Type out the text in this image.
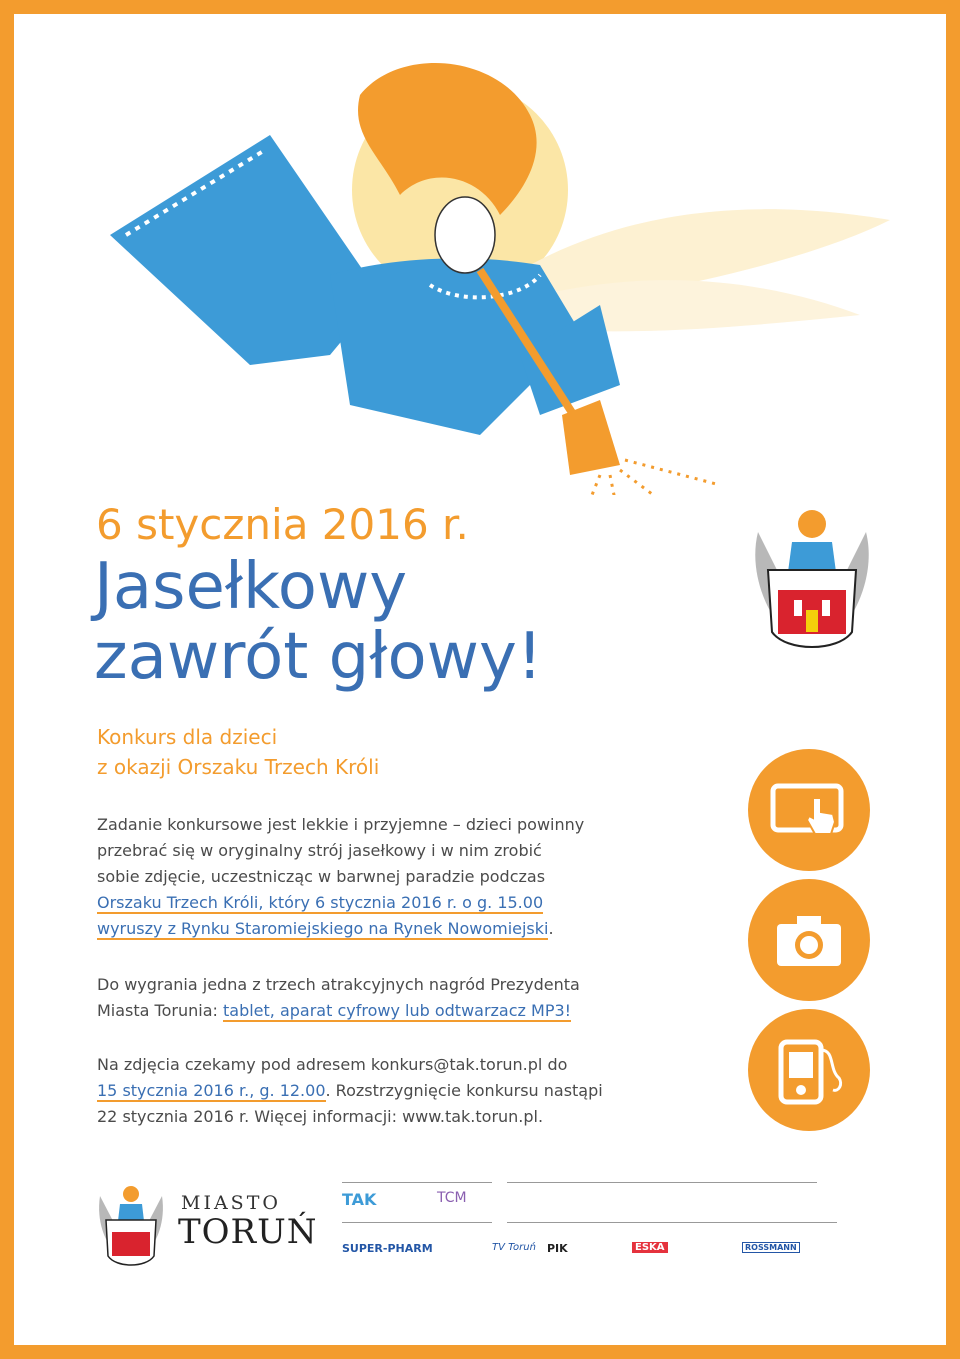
6 stycznia 2016 r.
Jasełkowy
zawrót głowy!
Konkurs dla dzieci
z okazji Orszaku Trzech Króli
Zadanie konkursowe jest lekkie i przyjemne – dzieci powinny
przebrać się w oryginalny strój jasełkowy i w nim zrobić
sobie zdjęcie, uczestnicząc w barwnej paradzie podczas
Orszaku Trzech Króli, który 6 stycznia 2016 r. o g. 15.00
wyruszy z Rynku Staromiejskiego na Rynek Nowomiejski.
Do wygrania jedna z trzech atrakcyjnych nagród Prezydenta
Miasta Torunia: tablet, aparat cyfrowy lub odtwarzacz MP3!
Na zdjęcia czekamy pod adresem konkurs@tak.torun.pl do
15 stycznia 2016 r., g. 12.00. Rozstrzygnięcie konkursu nastąpi
22 stycznia 2016 r. Więcej informacji: www.tak.torun.pl.
MIASTO
TORUŃ
TAK	TCM
SUPER-PHARM	TV Toruń PIK	ESKA	ROSSMANN
